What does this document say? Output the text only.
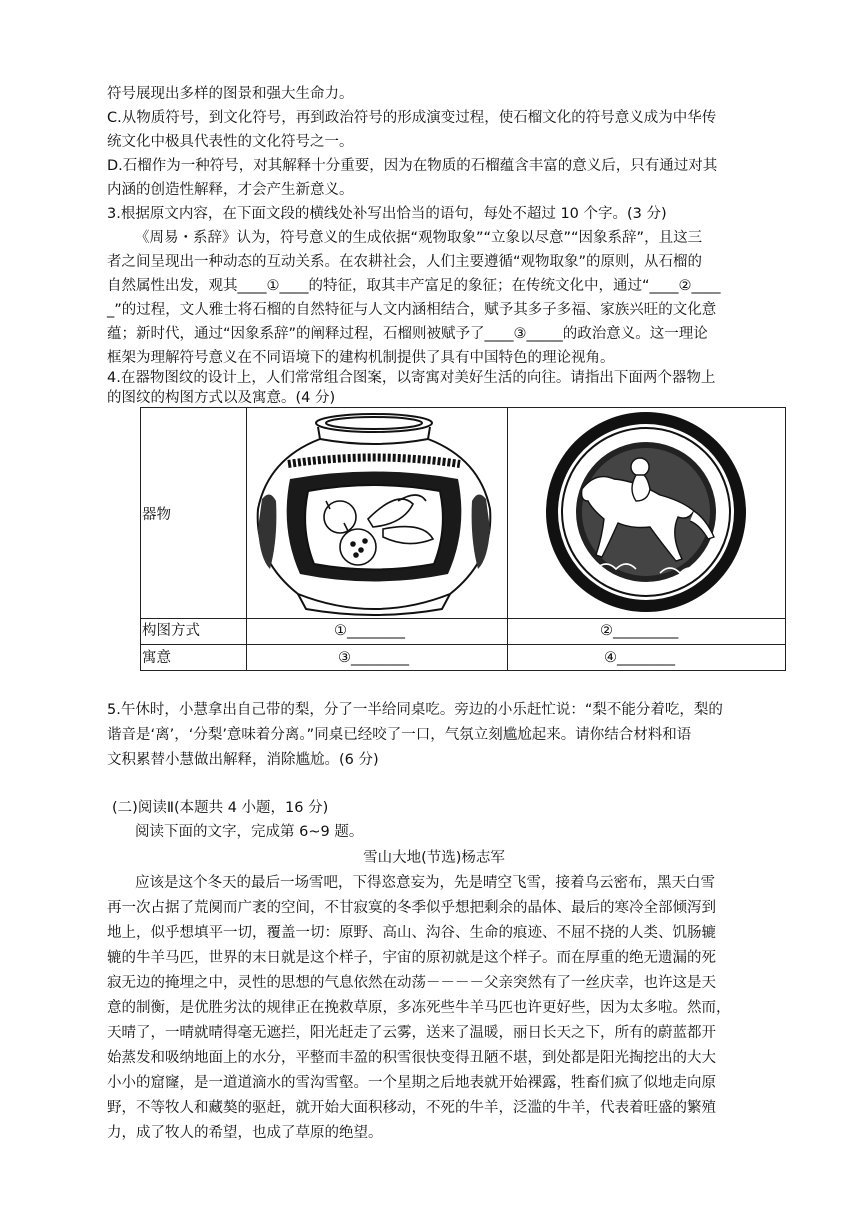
符号展现出多样的图景和强大生命力。
C.从物质符号，到文化符号，再到政治符号的形成演变过程，使石榴文化的符号意义成为中华传
统文化中极具代表性的文化符号之一。
D.石榴作为一种符号，对其解释十分重要，因为在物质的石榴蕴含丰富的意义后，只有通过对其
内涵的创造性解释，才会产生新意义。
3.根据原文内容，在下面文段的横线处补写出恰当的语句，每处不超过 10 个字。(3 分)
《周易・系辞》认为，符号意义的生成依据“观物取象”“立象以尽意”“因象系辞”，且这三
者之间呈现出一种动态的互动关系。在农耕社会，人们主要遵循“观物取象”的原则，从石榴的
自然属性出发，观其____①____的特征，取其丰产富足的象征；在传统文化中，通过“____②____
_”的过程，文人雅士将石榴的自然特征与人文内涵相结合，赋予其多子多福、家族兴旺的文化意
蕴；新时代，通过“因象系辞”的阐释过程，石榴则被赋予了____③_____的政治意义。这一理论
框架为理解符号意义在不同语境下的建构机制提供了具有中国特色的理论视角。
4.在器物图纹的设计上，人们常常组合图案，以寄寓对美好生活的向往。请指出下面两个器物上
的图纹的构图方式以及寓意。(4 分)
器物
构图方式
寓意
①________	②_________
③________	④________
5.午休时，小慧拿出自己带的梨，分了一半给同桌吃。旁边的小乐赶忙说：“梨不能分着吃，梨的
谐音是‘离’，‘分梨’意味着分离。”同桌已经咬了一口，气氛立刻尴尬起来。请你结合材料和语
文积累替小慧做出解释，消除尴尬。(6 分)
(二)阅读Ⅱ(本题共 4 小题，16 分)
阅读下面的文字，完成第 6~9 题。
雪山大地(节选)杨志军
应该是这个冬天的最后一场雪吧，下得恣意妄为，先是晴空飞雪，接着乌云密布，黑天白雪
再一次占据了荒阒而广袤的空间，不甘寂寞的冬季似乎想把剩余的晶体、最后的寒冷全部倾泻到
地上，似乎想填平一切，覆盖一切：原野、高山、沟谷、生命的痕迹、不屈不挠的人类、饥肠辘
辘的牛羊马匹，世界的末日就是这个样子，宇宙的原初就是这个样子。而在厚重的绝无遗漏的死
寂无边的掩埋之中，灵性的思想的气息依然在动荡－－－－父亲突然有了一丝庆幸，也许这是天
意的制衡，是优胜劣汰的规律正在挽救草原，多冻死些牛羊马匹也许更好些，因为太多啦。然而，
天晴了，一晴就晴得毫无遮拦，阳光赶走了云雾，送来了温暖，丽日长天之下，所有的蔚蓝都开
始蒸发和吸纳地面上的水分，平整而丰盈的积雪很快变得丑陋不堪，到处都是阳光掏挖出的大大
小小的窟窿，是一道道滴水的雪沟雪壑。一个星期之后地表就开始裸露，牲畜们疯了似地走向原
野，不等牧人和藏獒的驱赶，就开始大面积移动，不死的牛羊，泛滥的牛羊，代表着旺盛的繁殖
力，成了牧人的希望，也成了草原的绝望。
